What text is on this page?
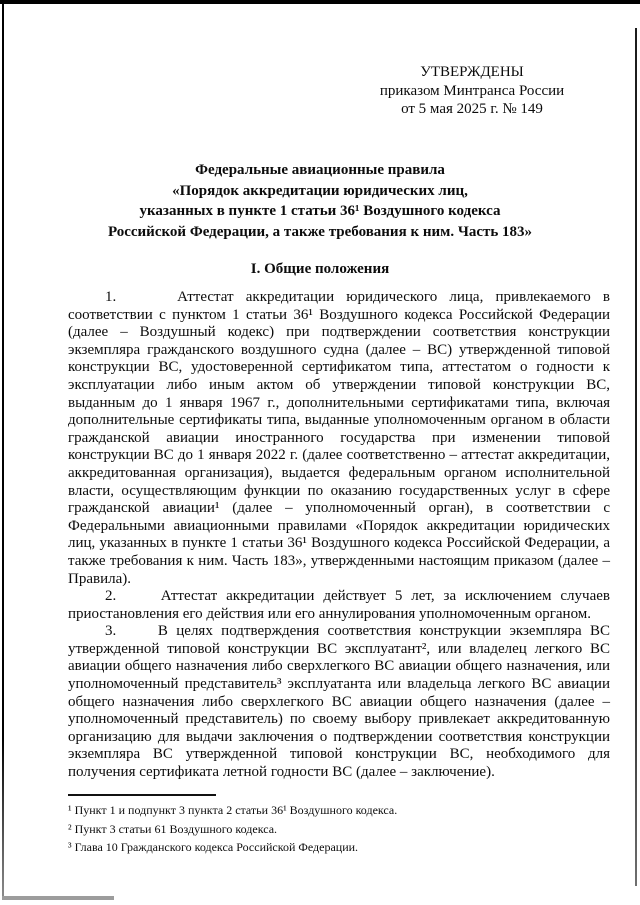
УТВЕРЖДЕНЫ
приказом Минтранса России
от 5 мая 2025 г. № 149
Федеральные авиационные правила
«Порядок аккредитации юридических лиц,
указанных в пункте 1 статьи 36¹ Воздушного кодекса
Российской Федерации, а также требования к ним. Часть 183»
I. Общие положения

1.     Аттестат аккредитации юридического лица, привлекаемого в соответствии с пунктом 1 статьи 36¹ Воздушного кодекса Российской Федерации (далее – Воздушный кодекс) при подтверждении соответствия конструкции экземпляра гражданского воздушного судна (далее – ВС) утвержденной типовой конструкции ВС, удостоверенной сертификатом типа, аттестатом о годности к эксплуатации либо иным актом об утверждении типовой конструкции ВС, выданным до 1 января 1967 г., дополнительными сертификатами типа, включая дополнительные сертификаты типа, выданные уполномоченным органом в области гражданской авиации иностранного государства при изменении типовой конструкции ВС до 1 января 2022 г. (далее соответственно – аттестат аккредитации, аккредитованная организация), выдается федеральным органом исполнительной власти, осуществляющим функции по оказанию государственных услуг в сфере гражданской авиации¹ (далее – уполномоченный орган), в соответствии с Федеральными авиационными правилами «Порядок аккредитации юридических лиц, указанных в пункте 1 статьи 36¹ Воздушного кодекса Российской Федерации, а также требования к ним. Часть 183», утвержденными настоящим приказом (далее – Правила).

2.     Аттестат аккредитации действует 5 лет, за исключением случаев приостановления его действия или его аннулирования уполномоченным органом.

3.     В целях подтверждения соответствия конструкции экземпляра ВС утвержденной типовой конструкции ВС эксплуатант², или владелец легкого ВС авиации общего назначения либо сверхлегкого ВС авиации общего назначения, или уполномоченный представитель³ эксплуатанта или владельца легкого ВС авиации общего назначения либо сверхлегкого ВС авиации общего назначения (далее – уполномоченный представитель) по своему выбору привлекает аккредитованную организацию для выдачи заключения о подтверждении соответствия конструкции экземпляра ВС утвержденной типовой конструкции ВС, необходимого для получения сертификата летной годности ВС (далее – заключение).

¹ Пункт 1 и подпункт 3 пункта 2 статьи 36¹ Воздушного кодекса.

² Пункт 3 статьи 61 Воздушного кодекса.

³ Глава 10 Гражданского кодекса Российской Федерации.
